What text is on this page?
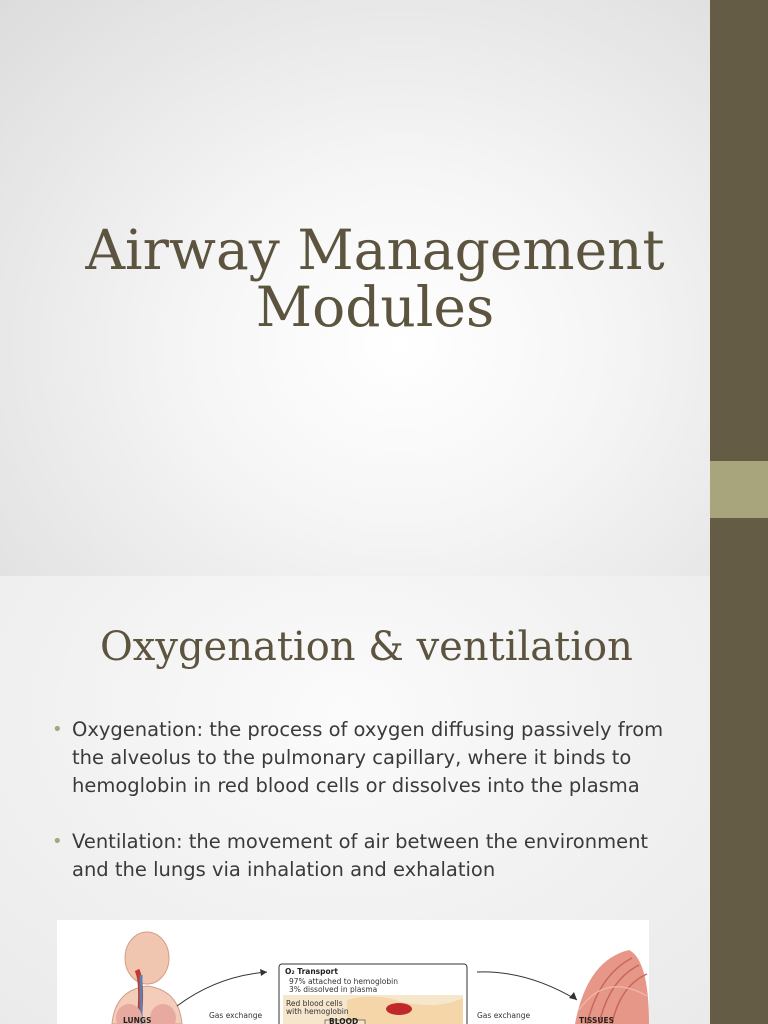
Airway Management
Modules
Oxygenation & ventilation
• Oxygenation: the process of oxygen diffusing passively from the alveolus to the pulmonary capillary, where it binds to hemoglobin in red blood cells or dissolves into the plasma
• Ventilation: the movement of air between the environment and the lungs via inhalation and exhalation
LUNGS
Gas exchange
O₂ Transport
97% attached to hemoglobin
3% dissolved in plasma
Red blood cells
with hemoglobin
BLOOD
Gas exchange
TISSUES
